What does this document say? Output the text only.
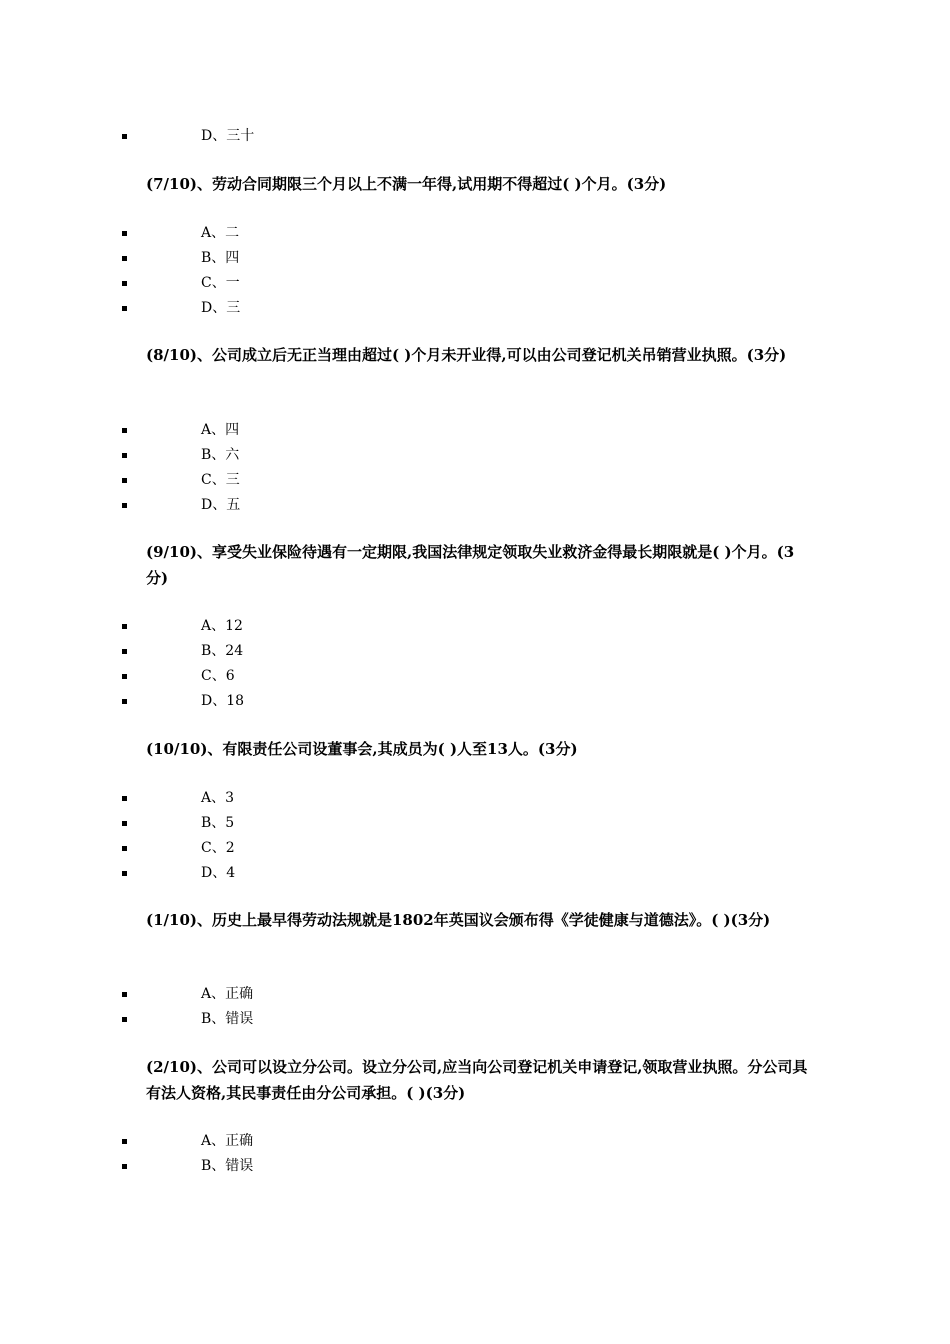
D、三十

(7/10)、劳动合同期限三个月以上不满一年得,试用期不得超过( )个月。(3分)

A、二
B、四
C、一
D、三

(8/10)、公司成立后无正当理由超过( )个月未开业得,可以由公司登记机关吊销营业执照。(3分)

A、四
B、六
C、三
D、五

(9/10)、享受失业保险待遇有一定期限,我国法律规定领取失业救济金得最长期限就是( )个月。(3分)

A、12
B、24
C、6
D、18

(10/10)、有限责任公司设董事会,其成员为( )人至13人。(3分)

A、3
B、5
C、2
D、4

(1/10)、历史上最早得劳动法规就是1802年英国议会颁布得《学徒健康与道德法》。( )(3分)

A、正确
B、错误

(2/10)、公司可以设立分公司。设立分公司,应当向公司登记机关申请登记,领取营业执照。分公司具有法人资格,其民事责任由分公司承担。( )(3分)

A、正确
B、错误
